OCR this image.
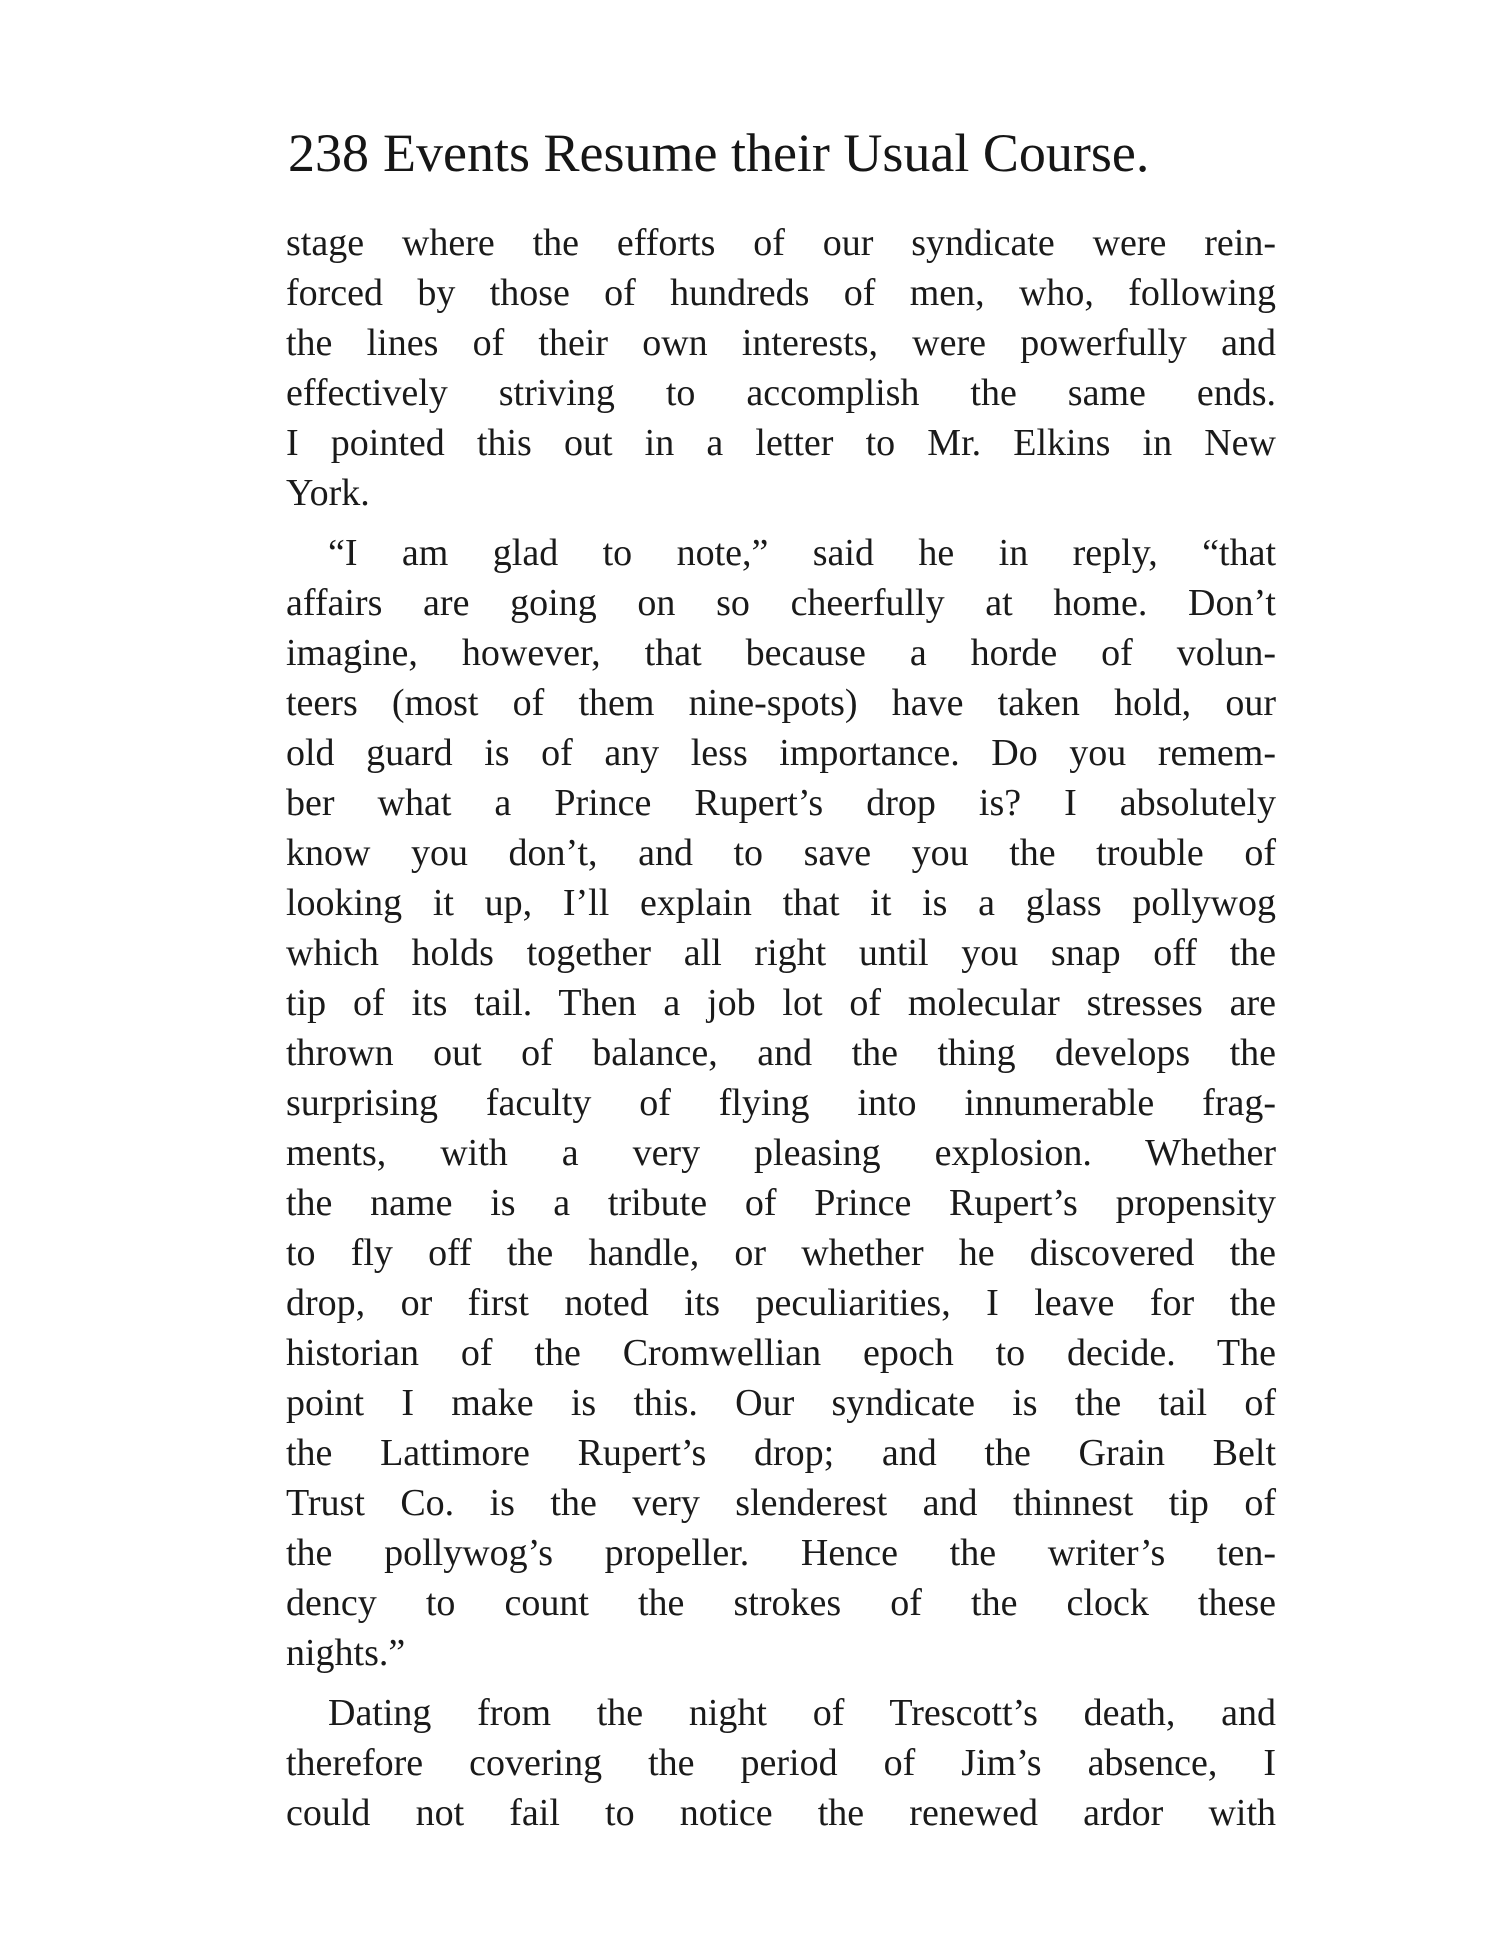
238 Events Resume their Usual Course.
stage where the efforts of our syndicate were rein-
forced by those of hundreds of men, who, following
the lines of their own interests, were powerfully and
effectively striving to accomplish the same ends.
I pointed this out in a letter to Mr. Elkins in New
York.
“I am glad to note,” said he in reply, “that
affairs are going on so cheerfully at home. Don’t
imagine, however, that because a horde of volun-
teers (most of them nine-spots) have taken hold, our
old guard is of any less importance. Do you remem-
ber what a Prince Rupert’s drop is? I absolutely
know you don’t, and to save you the trouble of
looking it up, I’ll explain that it is a glass pollywog
which holds together all right until you snap off the
tip of its tail. Then a job lot of molecular stresses are
thrown out of balance, and the thing develops the
surprising faculty of flying into innumerable frag-
ments, with a very pleasing explosion. Whether
the name is a tribute of Prince Rupert’s propensity
to fly off the handle, or whether he discovered the
drop, or first noted its peculiarities, I leave for the
historian of the Cromwellian epoch to decide. The
point I make is this. Our syndicate is the tail of
the Lattimore Rupert’s drop; and the Grain Belt
Trust Co. is the very slenderest and thinnest tip of
the pollywog’s propeller. Hence the writer’s ten-
dency to count the strokes of the clock these
nights.”
Dating from the night of Trescott’s death, and
therefore covering the period of Jim’s absence, I
could not fail to notice the renewed ardor with
